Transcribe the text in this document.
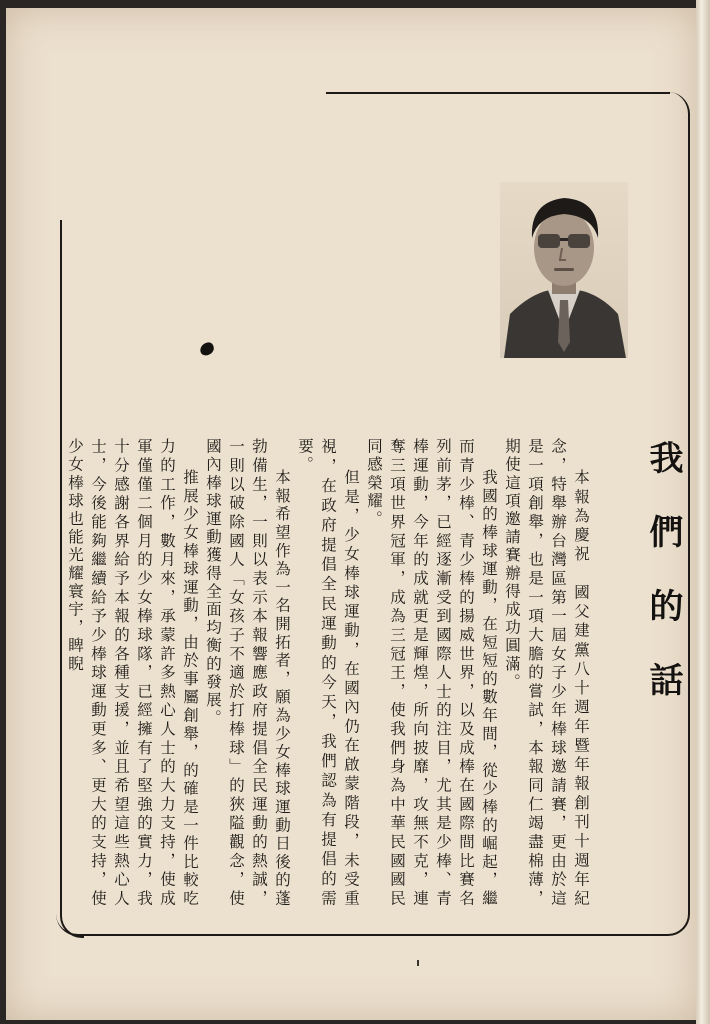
我們的話

本報為慶祝　國父建黨八十週年暨年報創刊十週年紀念，特舉辦台灣區第一屆女子少年棒球邀請賽，更由於這是一項創舉，也是一項大膽的嘗試，本報同仁竭盡棉薄，期使這項邀請賽辦得成功圓滿。

我國的棒球運動，在短短的數年間，從少棒的崛起，繼而青少棒、青少棒的揚威世界，以及成棒在國際間比賽名列前茅，已經逐漸受到國際人士的注目，尤其是少棒、青棒運動，今年的成就更是輝煌，所向披靡，攻無不克，連奪三項世界冠軍，成為三冠王，使我們身為中華民國國民同感榮耀。

但是，少女棒球運動，在國內仍在啟蒙階段，未受重視，在政府提倡全民運動的今天，我們認為有提倡的需要。

本報希望作為一名開拓者，願為少女棒球運動日後的蓬勃備生，一則以表示本報響應政府提倡全民運動的熱誠，一則以破除國人「女孩子不適於打棒球」的狹隘觀念，使國內棒球運動獲得全面均衡的發展。

推展少女棒球運動，由於事屬創舉，的確是一件比較吃力的工作，數月來，承蒙許多熱心人士的大力支持，使成軍僅僅二個月的少女棒球隊，已經擁有了堅強的實力，我十分感謝各界給予本報的各種支援，並且希望這些熱心人士，今後能夠繼續給予少棒球運動更多、更大的支持，使少女棒球也能光耀寰宇，睥睨
